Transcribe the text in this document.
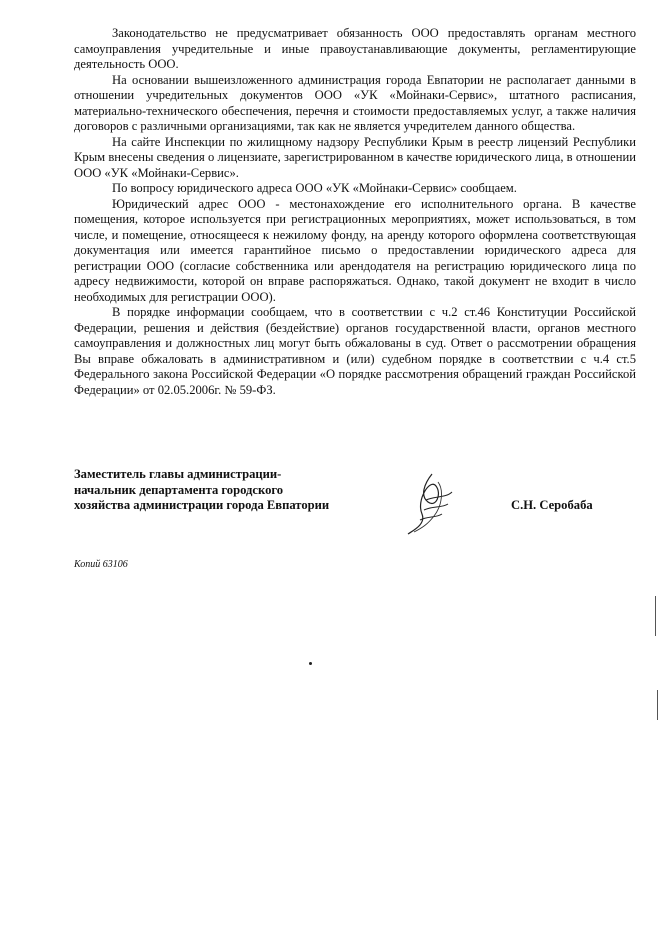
Законодательство не предусматривает обязанность ООО предоставлять органам местного самоуправления учредительные и иные правоустанавливающие документы, регламентирующие деятельность ООО.

На основании вышеизложенного администрация города Евпатории не располагает данными в отношении учредительных документов ООО «УК «Мойнаки-Сервис», штатного расписания, материально-технического обеспечения, перечня и стоимости предоставляемых услуг, а также наличия договоров с различными организациями, так как не является учредителем данного общества.

На сайте Инспекции по жилищному надзору Республики Крым в реестр лицензий Республики Крым внесены сведения о лицензиате, зарегистрированном в качестве юридического лица, в отношении ООО «УК «Мойнаки-Сервис».

По вопросу юридического адреса ООО «УК «Мойнаки-Сервис» сообщаем.

Юридический адрес ООО - местонахождение его исполнительного органа. В качестве помещения, которое используется при регистрационных мероприятиях, может использоваться, в том числе, и помещение, относящееся к нежилому фонду, на аренду которого оформлена соответствующая документация или имеется гарантийное письмо о предоставлении юридического адреса для регистрации ООО (согласие собственника или арендодателя на регистрацию юридического лица по адресу недвижимости, которой он вправе распоряжаться. Однако, такой документ не входит в число необходимых для регистрации ООО).

В порядке информации сообщаем, что в соответствии с ч.2 ст.46 Конституции Российской Федерации, решения и действия (бездействие) органов государственной власти, органов местного самоуправления и должностных лиц могут быть обжалованы в суд. Ответ о рассмотрении обращения Вы вправе обжаловать в административном и (или) судебном порядке в соответствии с ч.4 ст.5 Федерального закона Российской Федерации «О порядке рассмотрения обращений граждан Российской Федерации» от 02.05.2006г. № 59-ФЗ.

Заместитель главы администрации-
начальник департамента городского
хозяйства администрации города Евпатории	С.Н. Серобаба
Копий 63106
